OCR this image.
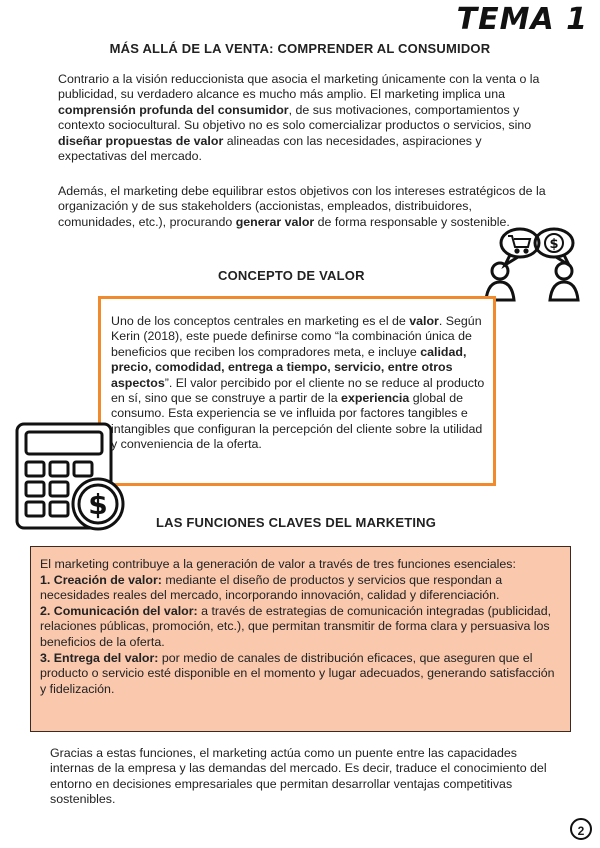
TEMA 1
MÁS ALLÁ DE LA VENTA: COMPRENDER AL CONSUMIDOR
Contrario a la visión reduccionista que asocia el marketing únicamente con la venta o la publicidad, su verdadero alcance es mucho más amplio. El marketing implica una comprensión profunda del consumidor, de sus motivaciones, comportamientos y contexto sociocultural. Su objetivo no es solo comercializar productos o servicios, sino diseñar propuestas de valor alineadas con las necesidades, aspiraciones y expectativas del mercado.
Además, el marketing debe equilibrar estos objetivos con los intereses estratégicos de la organización y de sus stakeholders (accionistas, empleados, distribuidores, comunidades, etc.), procurando generar valor de forma responsable y sostenible.
$
CONCEPTO DE VALOR
Uno de los conceptos centrales en marketing es el de valor. Según Kerin (2018), este puede definirse como “la combinación única de beneficios que reciben los compradores meta, e incluye calidad, precio, comodidad, entrega a tiempo, servicio, entre otros aspectos”. El valor percibido por el cliente no se reduce al producto en sí, sino que se construye a partir de la experiencia global de consumo. Esta experiencia se ve influida por factores tangibles e intangibles que configuran la percepción del cliente sobre la utilidad y conveniencia de la oferta.
$
LAS FUNCIONES CLAVES DEL MARKETING
El marketing contribuye a la generación de valor a través de tres funciones esenciales:
1. Creación de valor: mediante el diseño de productos y servicios que respondan a necesidades reales del mercado, incorporando innovación, calidad y diferenciación.
2. Comunicación del valor: a través de estrategias de comunicación integradas (publicidad, relaciones públicas, promoción, etc.), que permitan transmitir de forma clara y persuasiva los beneficios de la oferta.
3. Entrega del valor: por medio de canales de distribución eficaces, que aseguren que el producto o servicio esté disponible en el momento y lugar adecuados, generando satisfacción y fidelización.
Gracias a estas funciones, el marketing actúa como un puente entre las capacidades internas de la empresa y las demandas del mercado. Es decir, traduce el conocimiento del entorno en decisiones empresariales que permitan desarrollar ventajas competitivas sostenibles.
2
